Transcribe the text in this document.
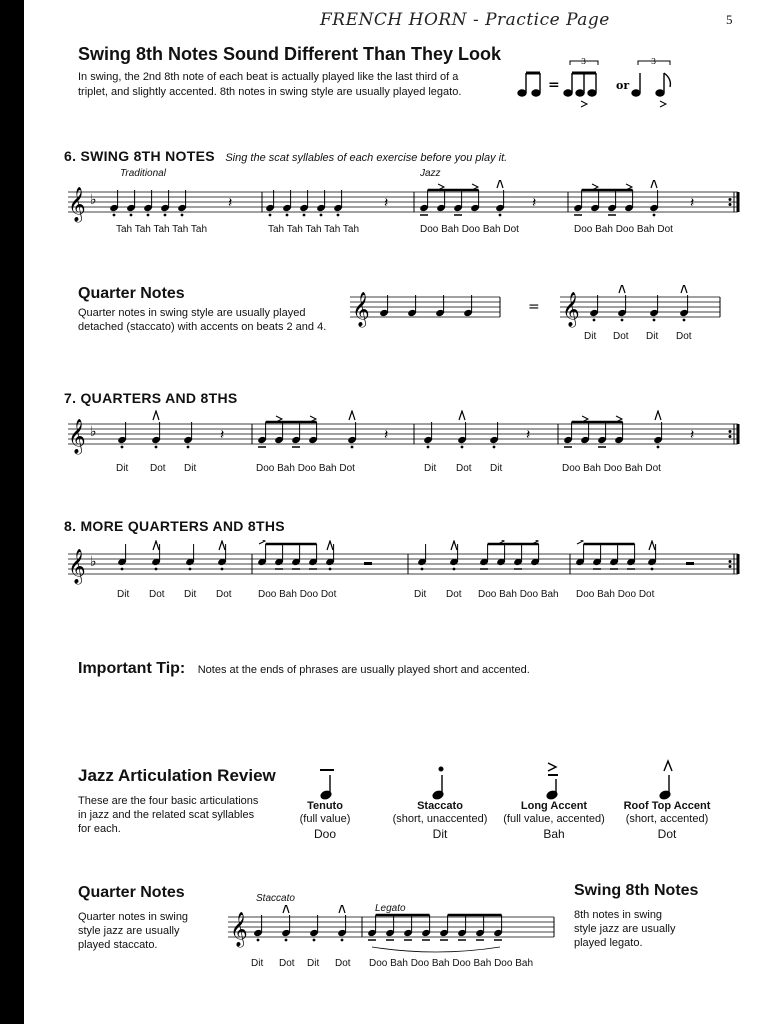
FRENCH HORN - Practice Page	5
Swing 8th Notes Sound Different Than They Look
In swing, the 2nd 8th note of each beat is actually played like the last third of a
triplet, and slightly accented. 8th notes in swing style are usually played legato.	=	or
3	3
6. SWING 8TH NOTES Sing the scat syllables of each exercise before you play it.
Traditional	Jazz
𝄞 ♭	𝄽	𝄽	𝄽	𝄽
Tah Tah Tah Tah Tah	Tah Tah Tah Tah Tah	Doo Bah Doo Bah Dot	Doo Bah Doo Bah Dot
Quarter Notes
Quarter notes in swing style are usually played
detached (staccato) with accents on beats 2 and 4. 𝄞	= 𝄞
Dit Dot Dit Dot
7. QUARTERS AND 8THS
𝄞 ♭	𝄽	𝄽	𝄽	𝄽
Dit Dot Dit	Doo Bah Doo Bah Dot	Dit Dot Dit	Doo Bah Doo Bah Dot
8. MORE QUARTERS AND 8THS
𝄞 ♭
Dit Dot Dit Dot	Doo Bah Doo Dot	Dit Dot Doo Bah Doo Bah Doo Bah Doo Dot
Important Tip: Notes at the ends of phrases are usually played short and accented.
Jazz Articulation Review
These are the four basic articulations
in jazz and the related scat syllables
for each.
Tenuto
(full value)
Doo
Staccato
(short, unaccented)
Dit
Long Accent
(full value, accented)
Bah
Roof Top Accent
(short, accented)
Dot
Quarter Notes
Quarter notes in swing
style jazz are usually
played staccato.
Staccato
Legato
𝄞
Dit Dot Dit Dot Doo Bah Doo Bah Doo Bah Doo Bah
Swing 8th Notes
8th notes in swing
style jazz are usually
played legato.
